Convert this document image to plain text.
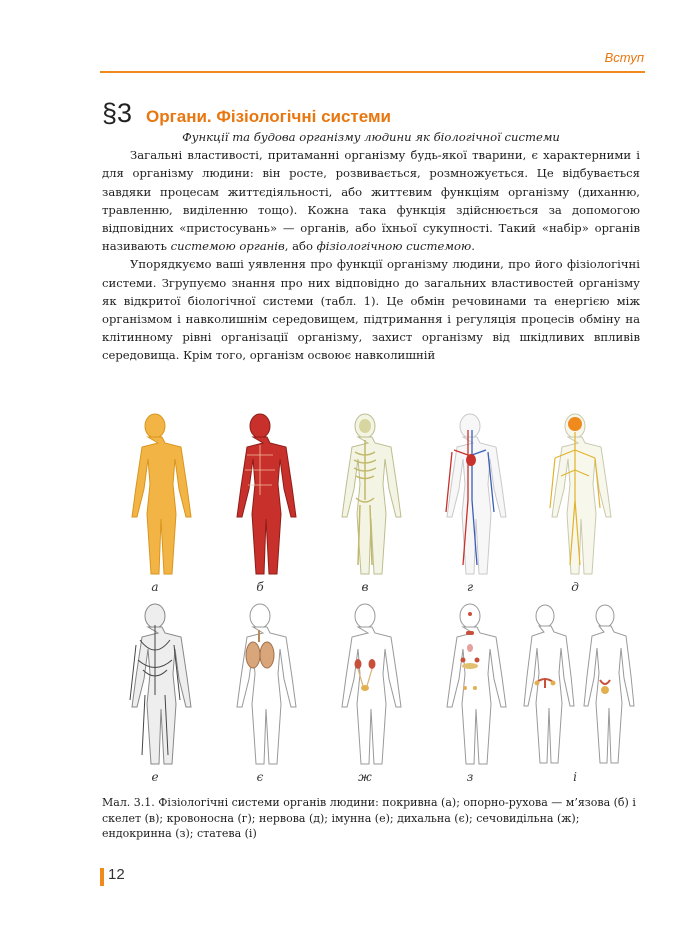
Вступ
§3 Органи. Фізіологічні системи

Функції та будова організму людини як біологічної системи

Загальні властивості, притаманні організму будь-якої тварини, є характерними і для організму людини: він росте, розвивається, розмножується. Це відбувається завдяки процесам життєдіяльності, або життєвим функціям організму (диханню, травленню, виділенню тощо). Кожна така функція здійснюється за допомогою відповідних «пристосувань» — органів, або їхньої сукупності. Такий «набір» органів називають системою органів, або фізіологічною системою.

Упорядкуємо ваші уявлення про функції організму людини, про його фізіологічні системи. Згрупуємо знання про них відповідно до загальних властивостей організму як відкритої біологічної системи (табл. 1). Це обмін речовинами та енергією між організмом і навколишнім середовищем, підтримання і регуляція процесів обміну на клітинному рівні організації організму, захист організму від шкідливих впливів середовища. Крім того, організм освоює навколишній

а	б	в	г	д
е	є	ж	з	і
Мал. 3.1. Фізіологічні системи органів людини: покривна (а); опорно-рухова — м’язова (б) і скелет (в); кровоносна (г); нервова (д); імунна (е); дихальна (є); сечовидільна (ж); ендокринна (з); статева (і)
12
